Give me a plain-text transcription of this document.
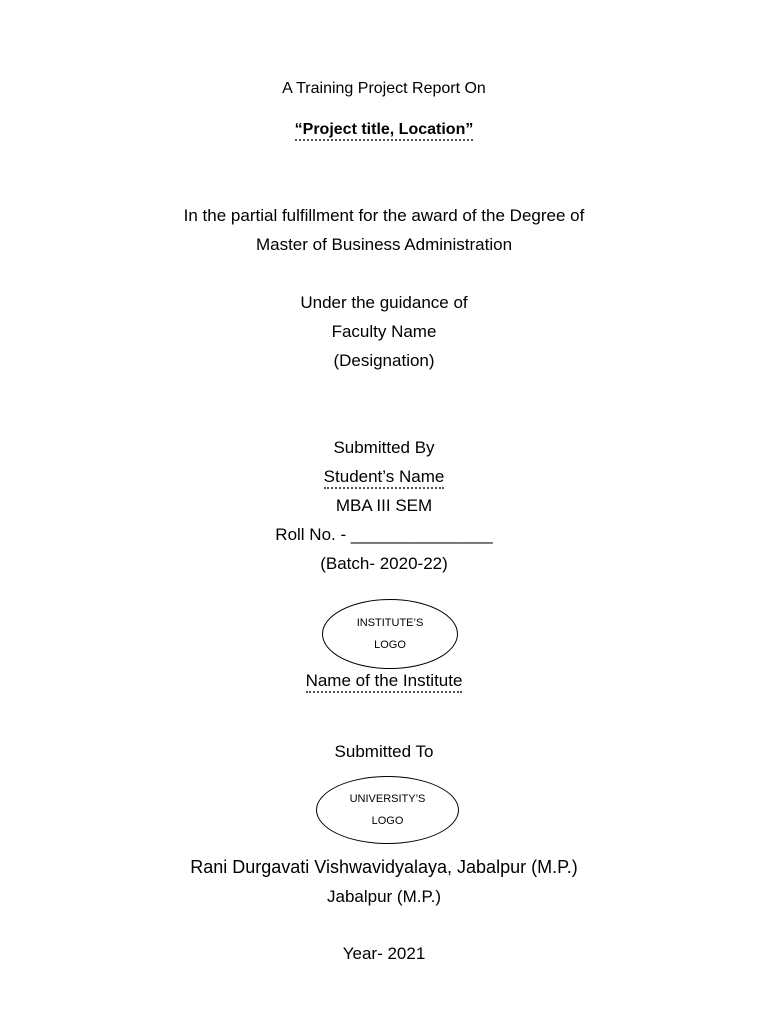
A Training Project Report On
“Project title, Location”
In the partial fulfillment for the award of the Degree of
Master of Business Administration
Under the guidance of
Faculty Name
(Designation)
Submitted By
Student’s Name
MBA III SEM
Roll No. - _______________
(Batch- 2020-22)
INSTITUTE’S
LOGO
Name of the Institute
Submitted To
UNIVERSITY’S
LOGO
Rani Durgavati Vishwavidyalaya, Jabalpur (M.P.)
Jabalpur (M.P.)
Year- 2021
